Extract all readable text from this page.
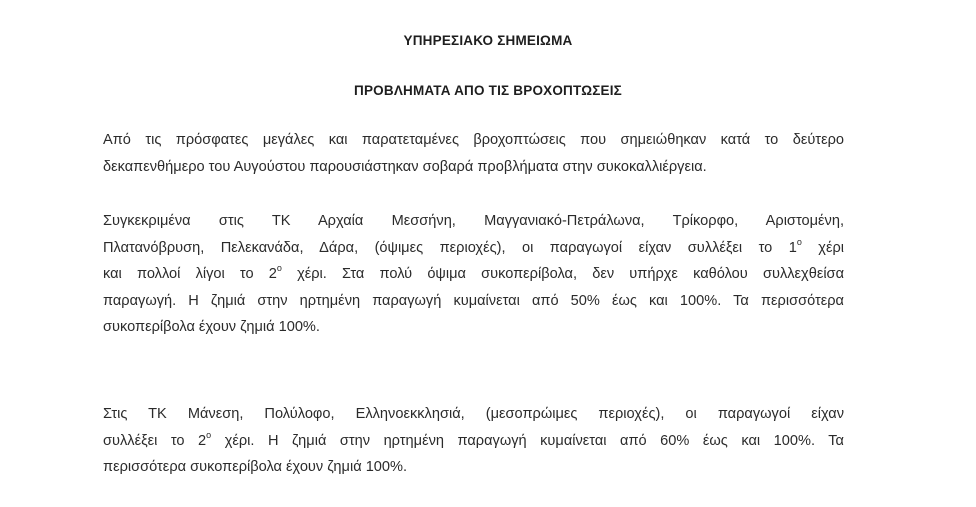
ΥΠΗΡΕΣΙΑΚΟ ΣΗΜΕΙΩΜΑ
ΠΡΟΒΛΗΜΑΤΑ ΑΠΟ ΤΙΣ ΒΡΟΧΟΠΤΩΣΕΙΣ
Από τις πρόσφατες μεγάλες και παρατεταμένες βροχοπτώσεις που σημειώθηκαν κατά το δεύτερο
δεκαπενθήμερο του Αυγούστου παρουσιάστηκαν σοβαρά προβλήματα στην συκοκαλλιέργεια.
Συγκεκριμένα στις ΤΚ Αρχαία Μεσσήνη, Μαγγανιακό-Πετράλωνα, Τρίκορφο, Αριστομένη,
Πλατανόβρυση, Πελεκανάδα, Δάρα, (όψιμες περιοχές), οι παραγωγοί είχαν συλλέξει το $1^o$ χέρι
και πολλοί λίγοι το $2^o$ χέρι. Στα πολύ όψιμα συκοπερίβολα, δεν υπήρχε καθόλου συλλεχθείσα
παραγωγή. Η ζημιά στην ηρτημένη παραγωγή κυμαίνεται από 50% έως και 100%. Τα περισσότερα
συκοπερίβολα έχουν ζημιά 100%.
Στις ΤΚ Μάνεση, Πολύλοφο, Ελληνοεκκλησιά, (μεσοπρώιμες περιοχές), οι παραγωγοί είχαν
συλλέξει το $2^o$ χέρι. Η ζημιά στην ηρτημένη παραγωγή κυμαίνεται από 60% έως και 100%. Τα
περισσότερα συκοπερίβολα έχουν ζημιά 100%.
